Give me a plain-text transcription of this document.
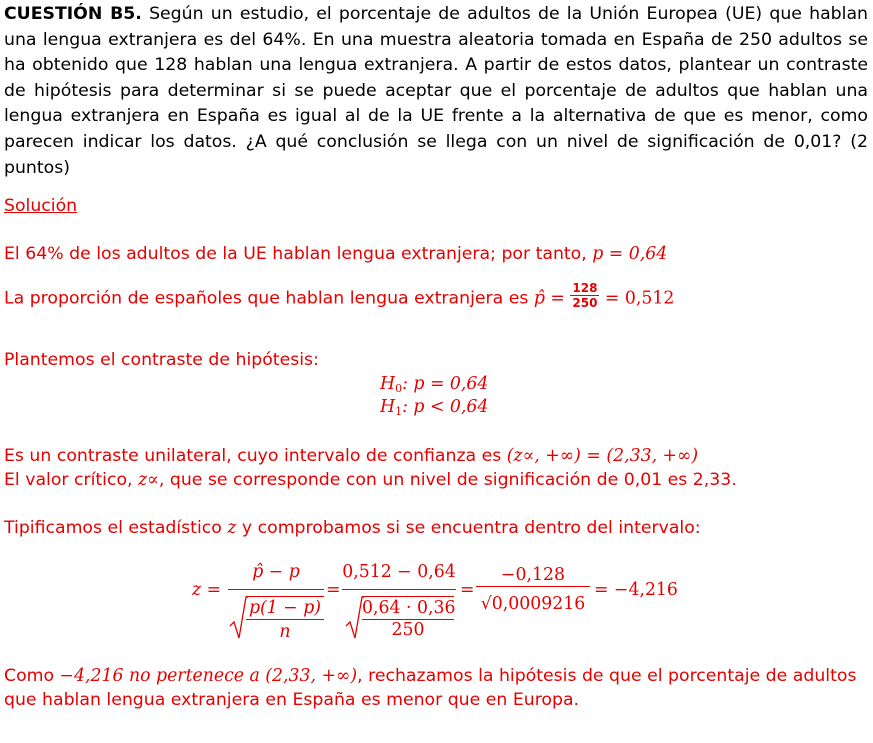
CUESTIÓN B5. Según un estudio, el porcentaje de adultos de la Unión Europea (UE) que hablan una lengua extranjera es del 64%. En una muestra aleatoria tomada en España de 250 adultos se ha obtenido que 128 hablan una lengua extranjera. A partir de estos datos, plantear un contraste de hipótesis para determinar si se puede aceptar que el porcentaje de adultos que hablan una lengua extranjera en España es igual al de la UE frente a la alternativa de que es menor, como parecen indicar los datos. ¿A qué conclusión se llega con un nivel de significación de 0,01? (2 puntos)
Solución
El 64% de los adultos de la UE hablan lengua extranjera; por tanto, p = 0,64
La proporción de españoles que hablan lengua extranjera es p̂ = $\frac{128}{250} = 0,512$
Plantemos el contraste de hipótesis:
$H_0$: p = 0,64
$H_1$: p < 0,64
Es un contraste unilateral, cuyo intervalo de confianza es (z∝, +∞) = (2,33, +∞)
El valor crítico, z∝, que se corresponde con un nivel de significación de 0,01 es 2,33.
Tipificamos el estadístico z y comprobamos si se encuentra dentro del intervalo:
z =
p̂ − p
p(1 − p)
n
=
0,512 − 0,64
0,64 · 0,36
250
=
−0,128
√0,0009216
= −4,216
Como −4,216 no pertenece a (2,33, +∞), rechazamos la hipótesis de que el porcentaje de adultos
que hablan lengua extranjera en España es menor que en Europa.
